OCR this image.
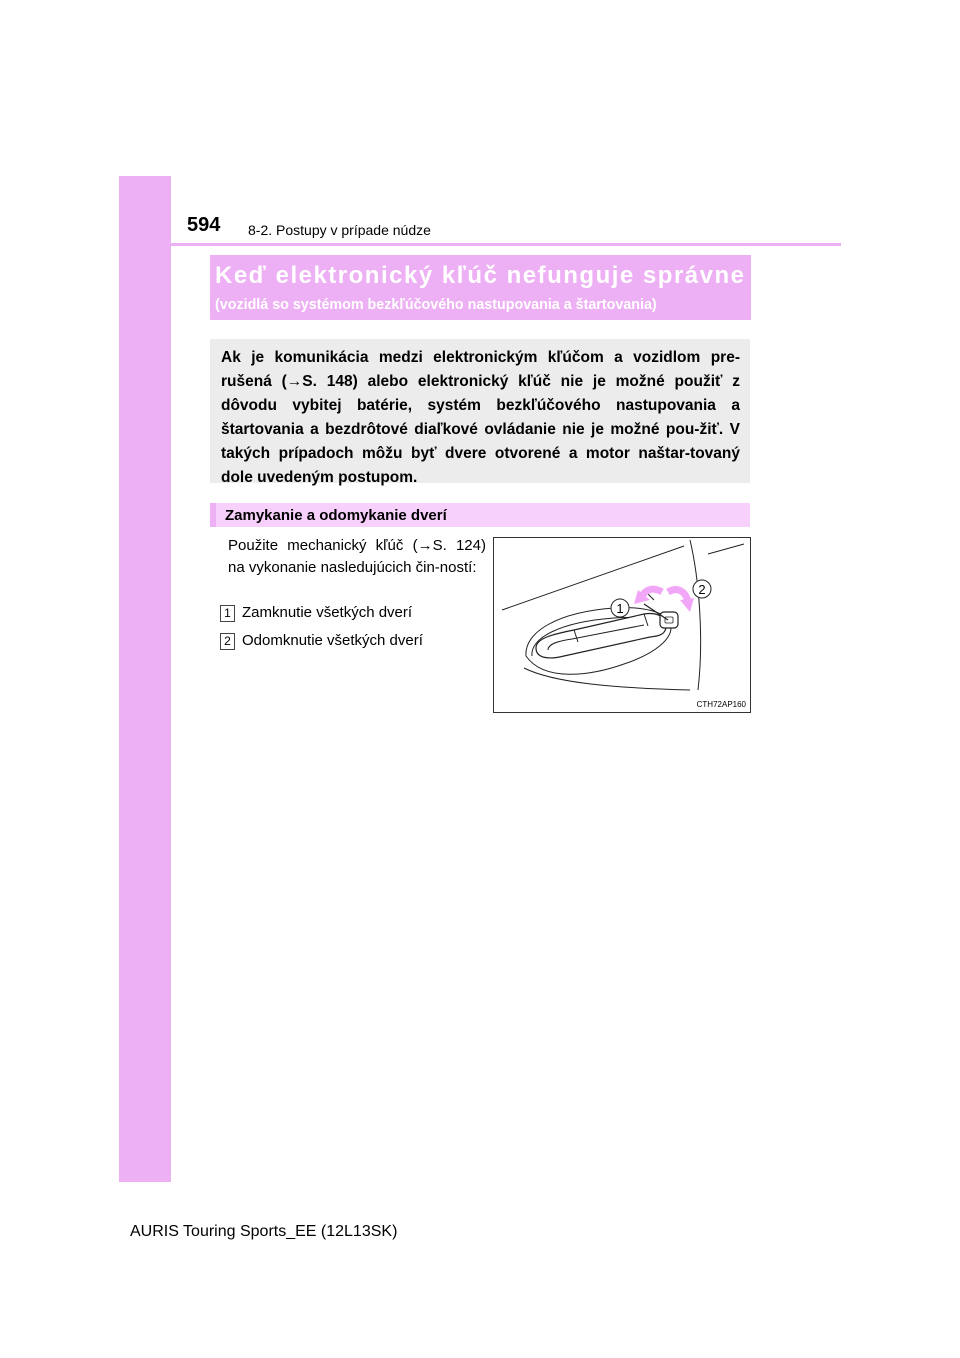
594 8-2. Postupy v prípade núdze
Keď elektronický kľúč nefunguje správne
(vozidlá so systémom bezkľúčového nastupovania a štartovania)
Ak je komunikácia medzi elektronickým kľúčom a vozidlom pre-rušená (→S. 148) alebo elektronický kľúč nie je možné použiť z dôvodu vybitej batérie, systém bezkľúčového nastupovania a štartovania a bezdrôtové diaľkové ovládanie nie je možné pou-žiť. V takých prípadoch môžu byť dvere otvorené a motor naštar-tovaný dole uvedeným postupom.
Zamykanie a odomykanie dverí
Použite mechanický kľúč (→S. 124) na vykonanie nasledujúcich čin-ností:
1 Zamknutie všetkých dverí
2 Odomknutie všetkých dverí
1
2
CTH72AP160
AURIS Touring Sports_EE (12L13SK)
